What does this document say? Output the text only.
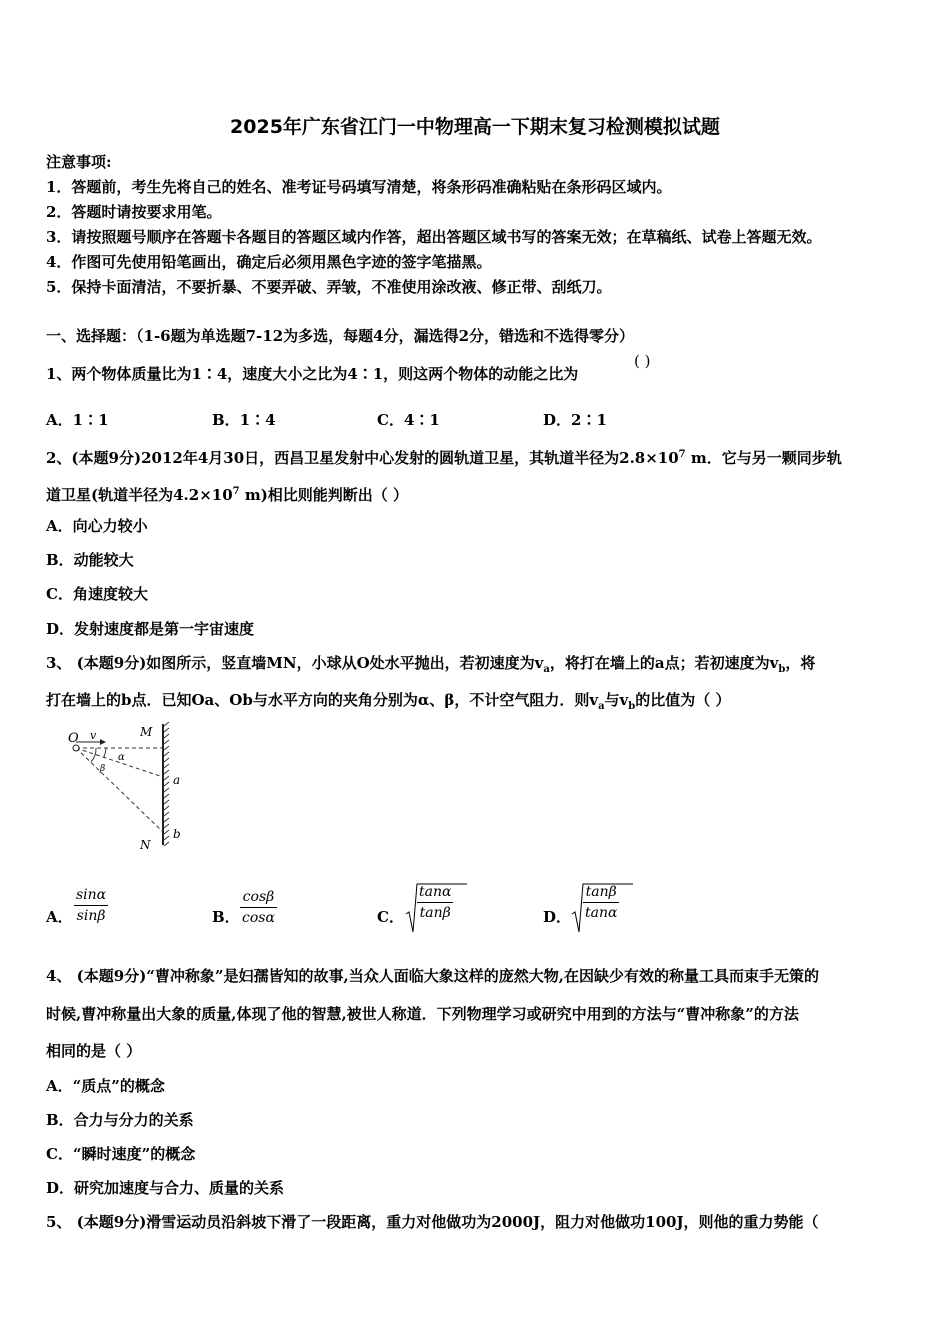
2025年广东省江门一中物理高一下期末复习检测模拟试题
注意事项:
1．答题前，考生先将自己的姓名、准考证号码填写清楚，将条形码准确粘贴在条形码区域内。
2．答题时请按要求用笔。
3．请按照题号顺序在答题卡各题目的答题区域内作答，超出答题区域书写的答案无效；在草稿纸、试卷上答题无效。
4．作图可先使用铅笔画出，确定后必须用黑色字迹的签字笔描黑。
5．保持卡面清洁，不要折暴、不要弄破、弄皱，不准使用涂改液、修正带、刮纸刀。
一、选择题：（1-6题为单选题7-12为多选，每题4分，漏选得2分，错选和不选得零分）
1、两个物体质量比为1∶4，速度大小之比为4∶1，则这两个物体的动能之比为
( )
A．1∶1	B．1∶4	C．4∶1	D．2∶1
2、(本题9分)2012年4月30日，西昌卫星发射中心发射的圆轨道卫星，其轨道半径为$2.8\times 10^7$ m．它与另一颗同步轨
道卫星(轨道半径为$4.2\times 10^7$ m)相比则能判断出（ ）
A．向心力较小
B．动能较大
C．角速度较大
D．发射速度都是第一宇宙速度
3、 (本题9分)如图所示，竖直墙MN，小球从O处水平抛出，若初速度为$v_a$，将打在墙上的a点；若初速度为$v_b$，将
打在墙上的b点．已知Oa、Ob与水平方向的夹角分别为α、β，不计空气阻力．则$v_a$与$v_b$的比值为（ ）
O v	M
N
a
b
α
β
A． $\frac{\sin\alpha}{\sin\beta}$	B． $\frac{\cos\beta}{\cos\alpha}$	C． $\frac{\tan\alpha}{\tan\beta}$	D． $\frac{\tan\beta}{\tan\alpha}$
4、 (本题9分)“曹冲称象”是妇孺皆知的故事,当众人面临大象这样的庞然大物,在因缺少有效的称量工具而束手无策的
时候,曹冲称量出大象的质量,体现了他的智慧,被世人称道．下列物理学习或研究中用到的方法与“曹冲称象”的方法
相同的是（ ）
A．“质点”的概念
B．合力与分力的关系
C．“瞬时速度”的概念
D．研究加速度与合力、质量的关系
5、 (本题9分)滑雪运动员沿斜坡下滑了一段距离，重力对他做功为2000J，阻力对他做功100J，则他的重力势能（
